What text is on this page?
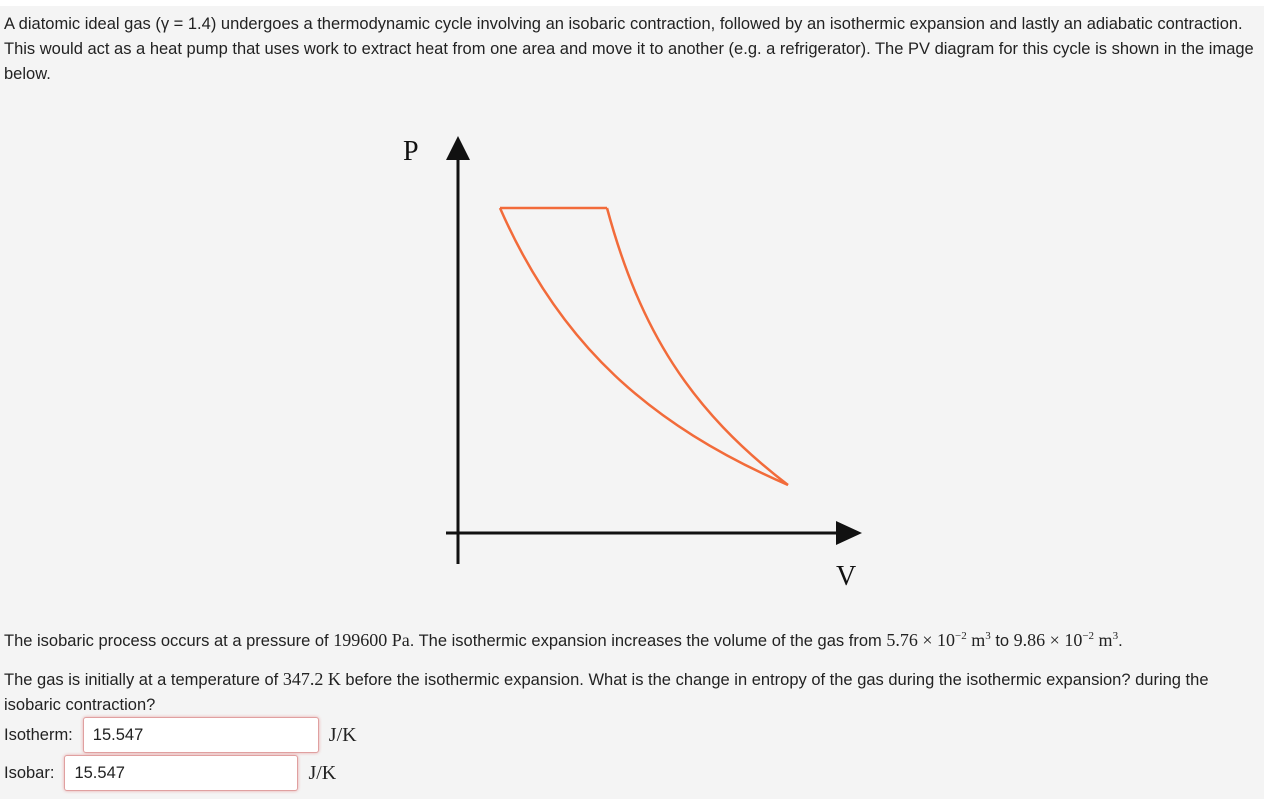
A diatomic ideal gas (γ = 1.4) undergoes a thermodynamic cycle involving an isobaric contraction, followed by an isothermic expansion and lastly an adiabatic contraction. This would act as a heat pump that uses work to extract heat from one area and move it to another (e.g. a refrigerator). The PV diagram for this cycle is shown in the image below.
P
V
The isobaric process occurs at a pressure of 199600 Pa. The isothermic expansion increases the volume of the gas from $5.76 \times 10^{-2}$ $m^3$ to $9.86 \times 10^{-2}$ $m^3$.
The gas is initially at a temperature of 347.2 K before the isothermic expansion. What is the change in entropy of the gas during the isothermic expansion? during the isobaric contraction?
Isotherm:
15.547	J/K
Isobar:
15.547	J/K
